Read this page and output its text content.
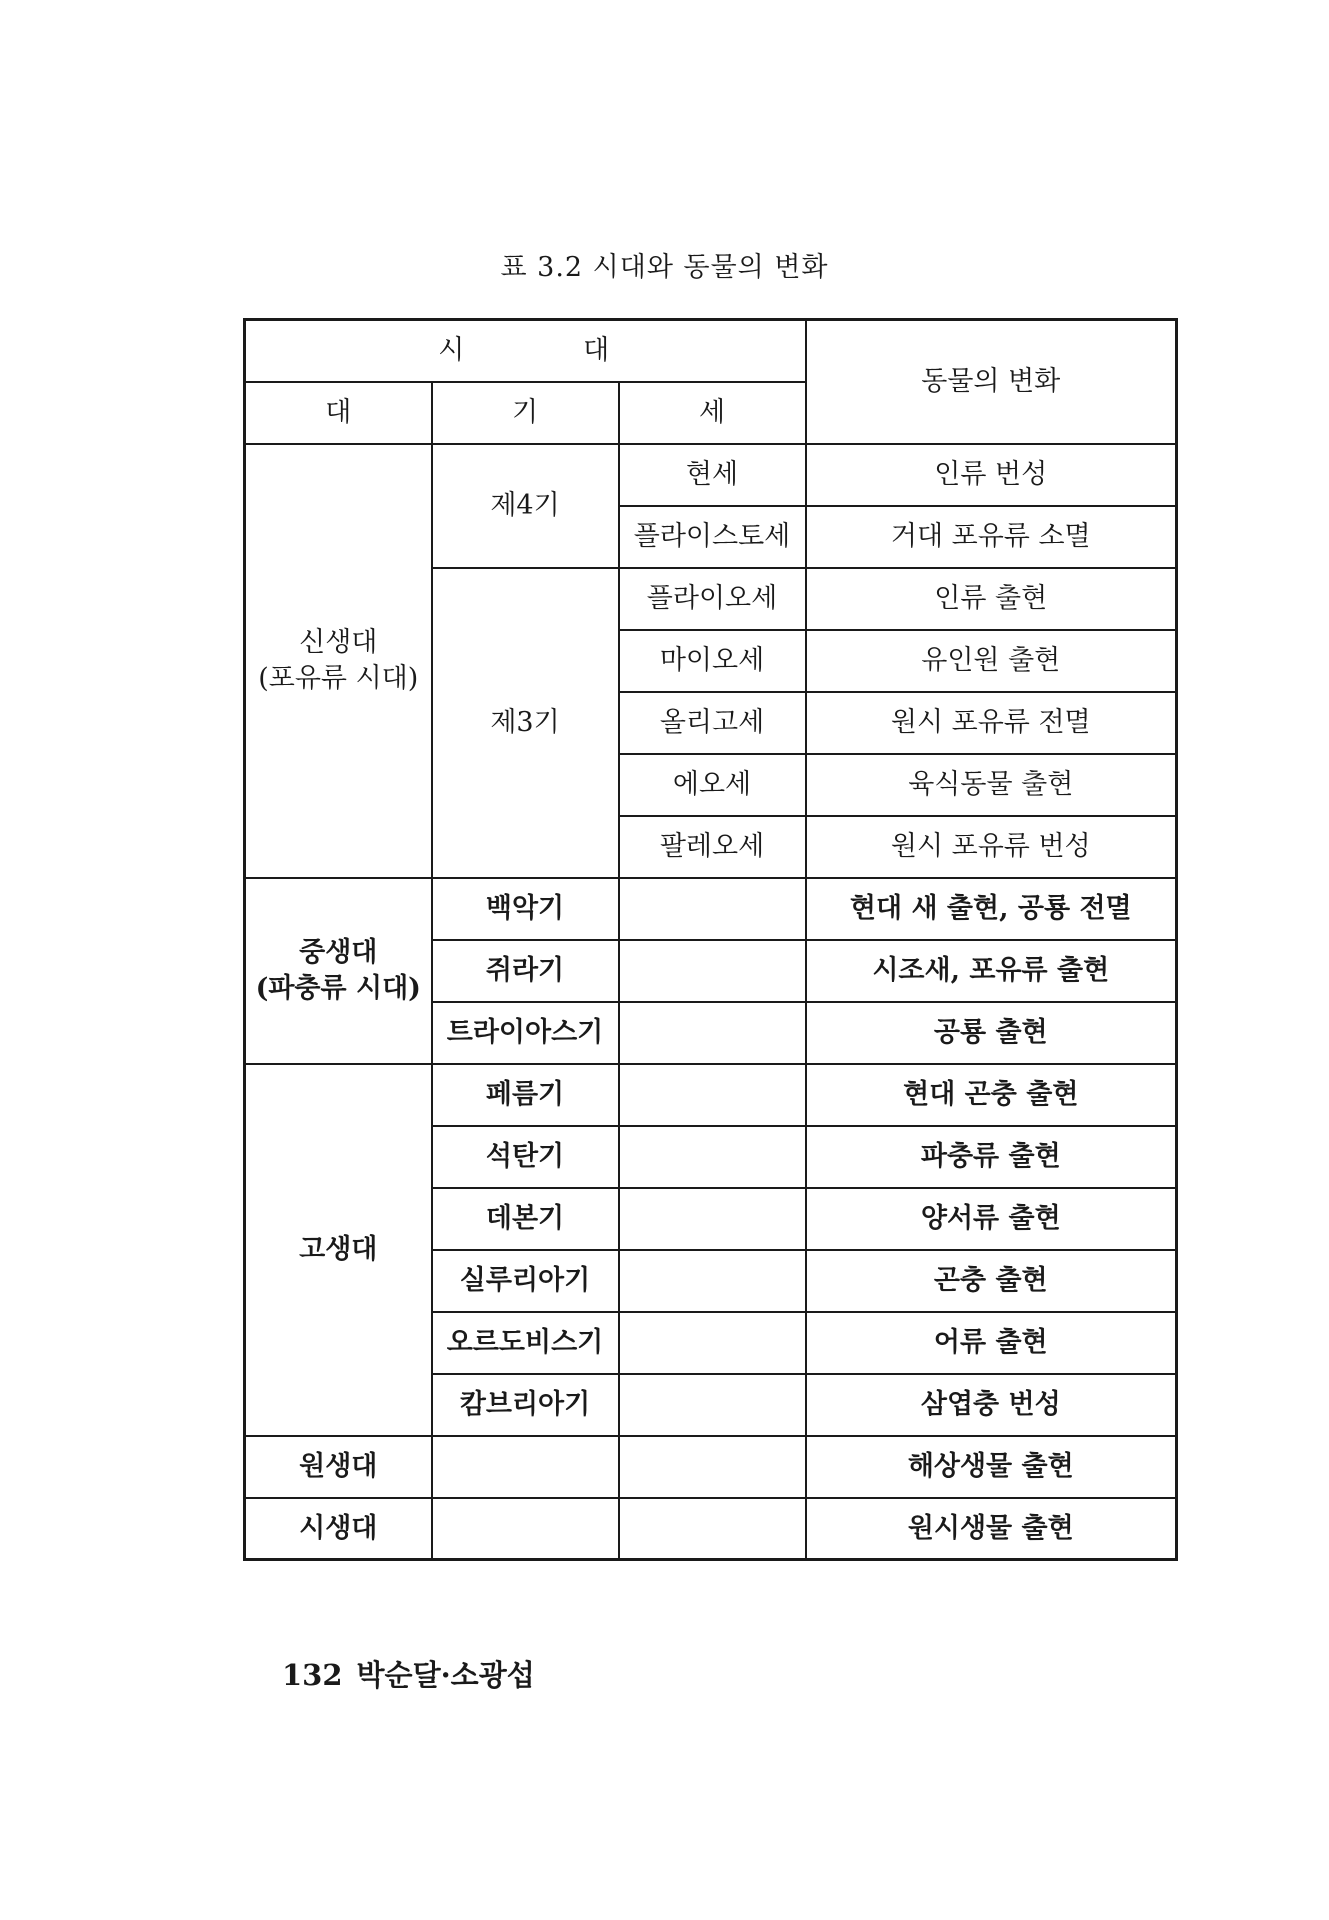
표 3.2 시대와 동물의 변화
시          대			동물의 변화
대	기	세	

신생대
(포유류 시대)	제4기	현세	인류 번성
		플라이스토세	거대 포유류 소멸
	제3기	플라이오세	인류 출현
		마이오세	유인원 출현
		올리고세	원시 포유류 전멸
		에오세	육식동물 출현
		팔레오세	원시 포유류 번성

중생대
(파충류 시대)	백악기		현대 새 출현, 공룡 전멸
	쥐라기		시조새, 포유류 출현
	트라이아스기		공룡 출현
고생대	페름기		현대 곤충 출현
	석탄기		파충류 출현
	데본기		양서류 출현
	실루리아기		곤충 출현
	오르도비스기		어류 출현
	캄브리아기		삼엽충 번성
원생대			해상생물 출현
시생대			원시생물 출현
132 박순달·소광섭
